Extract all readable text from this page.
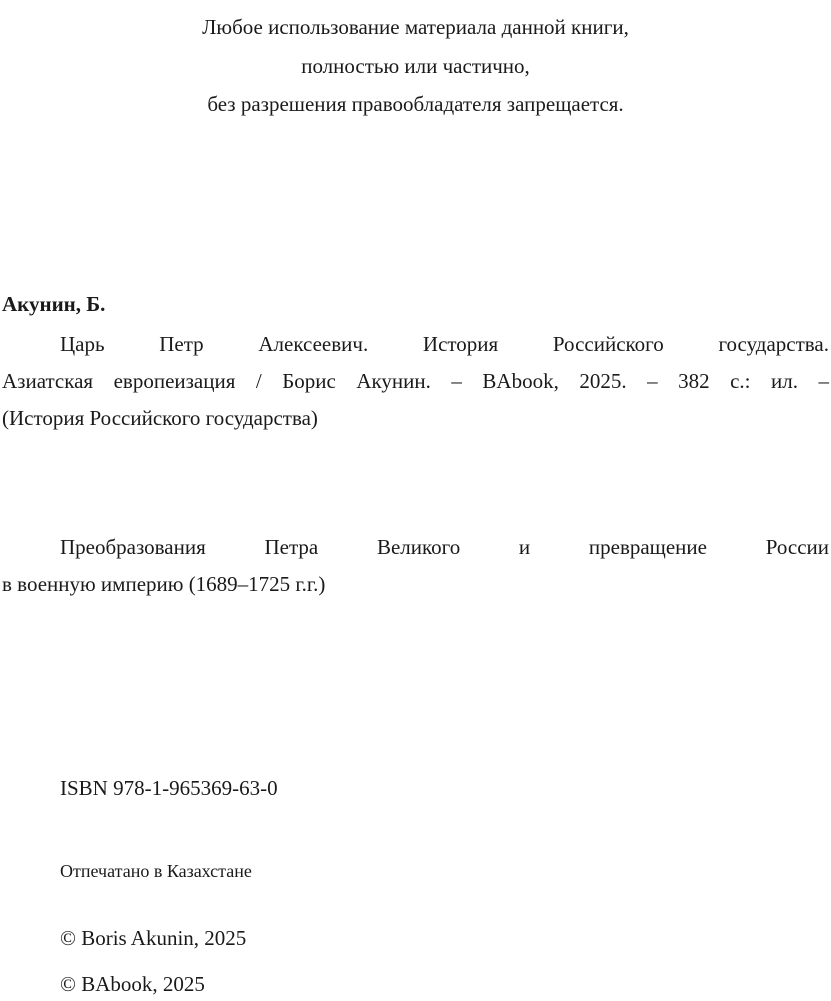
Любое использование материала данной книги,
полностью или частично,
без разрешения правообладателя запрещается.
Акунин, Б.
Царь Петр Алексеевич. История Российского государства.
Азиатская европеизация / Борис Акунин. – BAbook, 2025. – 382 с.: ил. –
(История Российского государства)
Преобразования Петра Великого и превращение России
в военную империю (1689–1725 г.г.)
ISBN 978-1-965369-63-0
Отпечатано в Казахстане
© Boris Akunin, 2025
© BAbook, 2025
